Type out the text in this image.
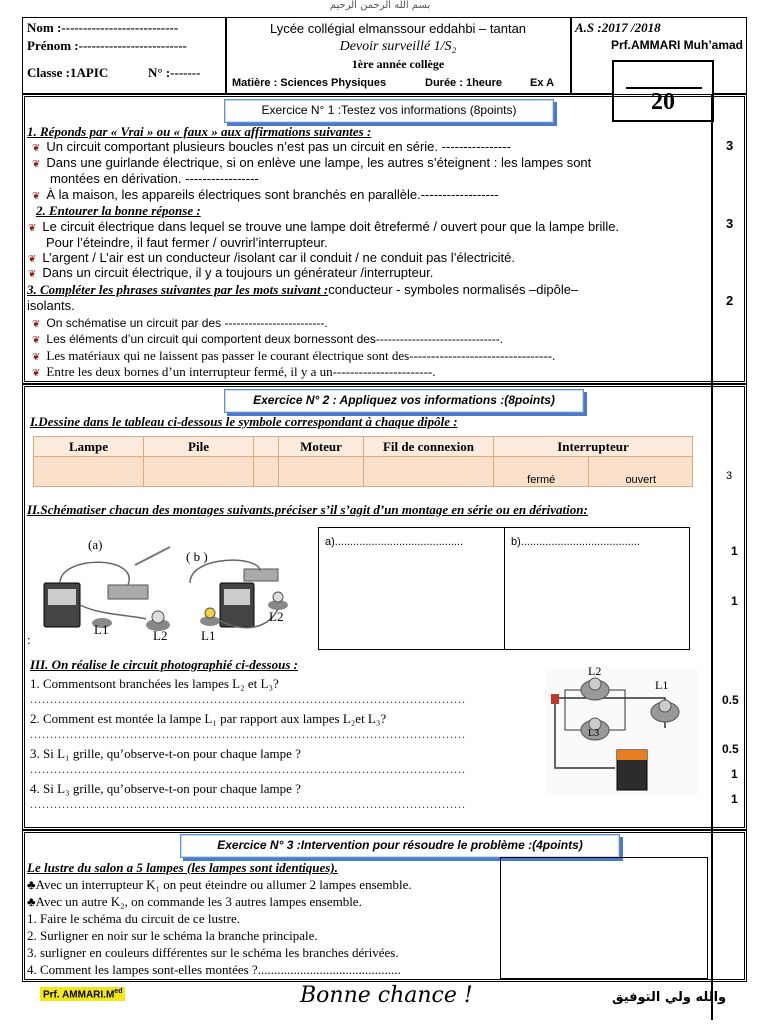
بسم الله الرحمن الرحيم
Nom :---------------------------
Prénom :-------------------------
Classe :1APIC	N° :-------
Lycée collégial elmanssour eddahbi – tantan
Devoir surveillé 1/S₂
1ère année collège
Matière : Sciences Physiques	Durée : 1heure	Ex A
A.S :2017 /2018
Prf.AMMARI Muh’amad
20
Exercice N° 1 :Testez vos informations (8points)
1. Réponds par « Vrai » ou « faux » aux affirmations suivantes :
❦ Un circuit comportant plusieurs boucles n’est pas un circuit en série. ----------------
❦ Dans une guirlande électrique, si on enlève une lampe, les autres s’éteignent : les lampes sont
montées en dérivation. -----------------
❦ À la maison, les appareils électriques sont branchés en parallèle.------------------
3
2. Entourer la bonne réponse :
❦ Le circuit électrique dans lequel se trouve une lampe doit êtrefermé / ouvert pour que la lampe brille.
Pour l’éteindre, il faut fermer / ouvrirl’interrupteur.
❦ L’argent / L’air est un conducteur /isolant car il conduit / ne conduit pas l’électricité.
❦ Dans un circuit électrique, il y a toujours un générateur /interrupteur.
3
3. Compléter les phrases suivantes par les mots suivant :conducteur - symboles normalisés –dipôle–
isolants.
❦ On schématise un circuit par des -------------------------.
❦ Les éléments d’un circuit qui comportent deux bornessont des-------------------------------.
❦ Les matériaux qui ne laissent pas passer le courant électrique sont des---------------------------------.
❦ Entre les deux bornes d’un interrupteur fermé, il y a un-----------------------.
2
Exercice N° 2 : Appliquez vos informations :(8points)
I.Dessine dans le tableau ci-dessous le symbole correspondant à chaque dipôle :
Lampe	Pile		Moteur	Fil de connexion	Interrupteur	
					fermé	ouvert	3
II.Schématiser chacun des montages suivants.préciser s’il s’agit d’un montage en série ou en dérivation:
(a)
( b )
L1	L2	L1
L2
:
a)..........................................	b).......................................
1
1
III. On réalise le circuit photographié ci-dessous :
1. Commentsont branchées les lampes L₂ et L₃?
.............................................................................................................
2. Comment est montée la lampe L₁ par rapport aux lampes L₂et L₃?
.............................................................................................................
3. Si L₁ grille, qu’observe-t-on pour chaque lampe ?
.............................................................................................................
4. Si L₃ grille, qu’observe-t-on pour chaque lampe ?
.............................................................................................................
L2
L1
L3
0.5
0.5
1
1
Exercice N° 3 :Intervention pour résoudre le problème :(4points)
Le lustre du salon a 5 lampes (les lampes sont identiques).
♣Avec un interrupteur K₁ on peut éteindre ou allumer 2 lampes ensemble.
♣Avec un autre K₂, on commande les 3 autres lampes ensemble.
1. Faire le schéma du circuit de ce lustre.
2. Surligner en noir sur le schéma la branche principale.
3. surligner en couleurs différentes sur le schéma les branches dérivées.
4. Comment les lampes sont-elles montées ?............................................
Prf. $AMMARI.M^{ed}$	Bonne chance !	والله ولي التوفيق
